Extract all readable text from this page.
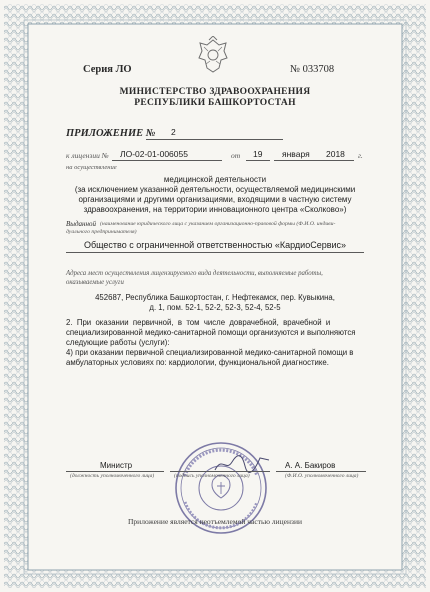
Серия ЛО	№ 033708
МИНИСТЕРСТВО ЗДРАВООХРАНЕНИЯ
РЕСПУБЛИКИ БАШКОРТОСТАН
ПРИЛОЖЕНИЕ № 2
к лицензии № ЛО-02-01-006055	от 19 января 2018 г.
на осуществление
медицинской деятельности
(за исключением указанной деятельности, осуществляемой медицинскими
организациями и другими организациями, входящими в частную систему
здравоохранения, на территории инновационного центра «Сколково»)
Выданной (наименование юридического лица с указанием организационно-правовой формы (Ф.И.О. индиви-
дуального предпринимателя)
Общество с ограниченной ответственностью «КардиоСервис»
Адреса мест осуществления лицензируемого вида деятельности, выполняемые работы,
оказываемые услуги
452687, Республика Башкортостан, г. Нефтекамск, пер. Кувыкина,
д. 1, пом. 52-1, 52-2, 52-3, 52-4, 52-5
2.  При  оказании  первичной,  в  том  числе  доврачебной,  врачебной  и
специализированной медико-санитарной помощи организуются и выполняются
следующие работы (услуги):
4) при оказании первичной специализированной медико-санитарной помощи в
амбулаторных условиях по: кардиологии, функциональной диагностике.
Министр	А. А. Бакиров
(должность уполномоченного лица)	(подпись уполномоченного лица)	(Ф.И.О. уполномоченного лица)
Приложение является неотъемлемой частью лицензии
